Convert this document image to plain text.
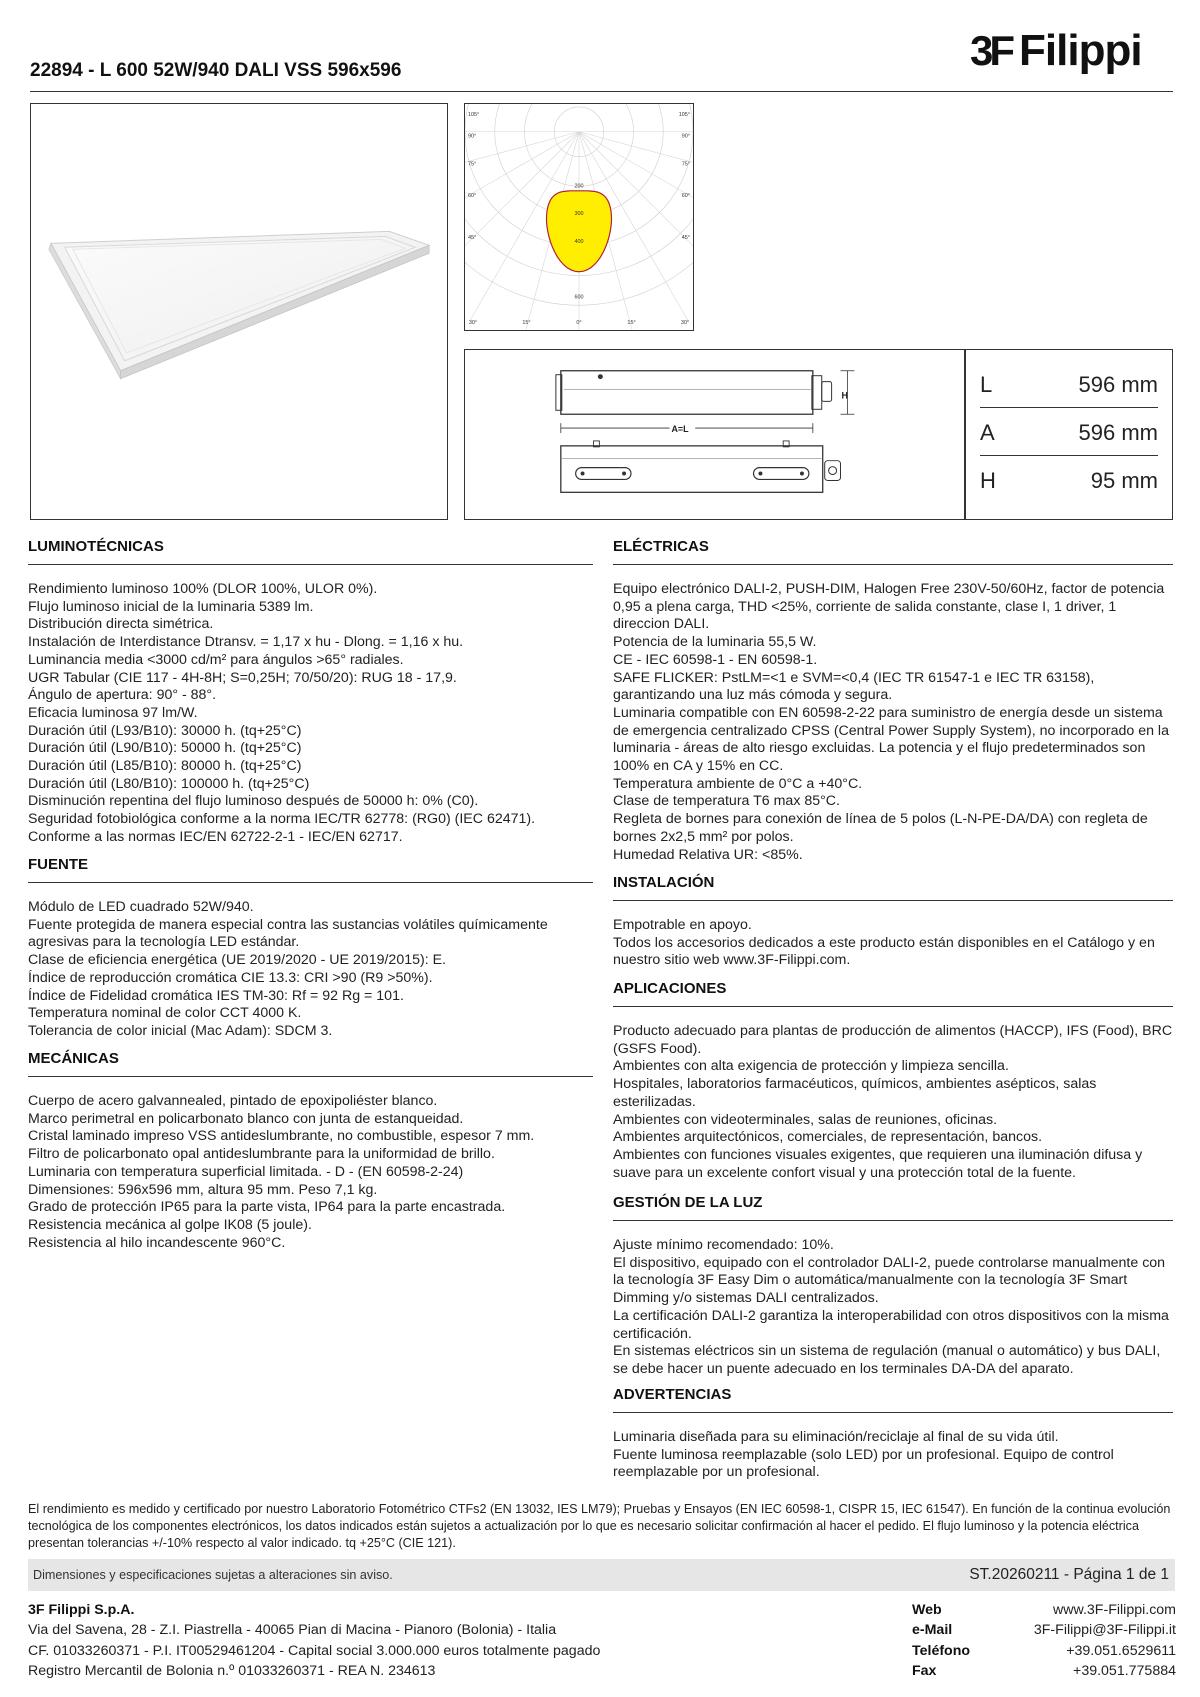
22894 - L 600 52W/940 DALI VSS 596x596	3F Filippi
105°
90°
75°
60°
45°
105°
90°
75°
60°
45°
30°	15°	0°	15°	30°
200
300
400
600
H
A=L
L	596 mm
A	596 mm
H	95 mm
LUMINOTÉCNICAS
Rendimiento luminoso 100% (DLOR 100%, ULOR 0%).
Flujo luminoso inicial de la luminaria 5389 lm.
Distribución directa simétrica.
Instalación de Interdistance Dtransv. = 1,17 x hu - Dlong. = 1,16 x hu.
Luminancia media <3000 cd/m² para ángulos >65° radiales.
UGR Tabular (CIE 117 - 4H-8H; S=0,25H; 70/50/20): RUG 18 - 17,9.
Ángulo de apertura: 90° - 88°.
Eficacia luminosa 97 lm/W.
Duración útil (L93/B10): 30000 h. (tq+25°C)
Duración útil (L90/B10): 50000 h. (tq+25°C)
Duración útil (L85/B10): 80000 h. (tq+25°C)
Duración útil (L80/B10): 100000 h. (tq+25°C)
Disminución repentina del flujo luminoso después de 50000 h: 0% (C0).
Seguridad fotobiológica conforme a la norma IEC/TR 62778: (RG0) (IEC 62471).
Conforme a las normas IEC/EN 62722-2-1 - IEC/EN 62717.
FUENTE
Módulo de LED cuadrado 52W/940.
Fuente protegida de manera especial contra las sustancias volátiles químicamente agresivas para la tecnología LED estándar.
Clase de eficiencia energética (UE 2019/2020 - UE 2019/2015): E.
Índice de reproducción cromática CIE 13.3: CRI >90 (R9 >50%).
Índice de Fidelidad cromática IES TM-30: Rf = 92 Rg = 101.
Temperatura nominal de color CCT 4000 K.
Tolerancia de color inicial (Mac Adam): SDCM 3.
MECÁNICAS
Cuerpo de acero galvannealed, pintado de epoxipoliéster blanco.
Marco perimetral en policarbonato blanco con junta de estanqueidad.
Cristal laminado impreso VSS antideslumbrante, no combustible, espesor 7 mm.
Filtro de policarbonato opal antideslumbrante para la uniformidad de brillo.
Luminaria con temperatura superficial limitada. - D - (EN 60598-2-24)
Dimensiones: 596x596 mm, altura 95 mm. Peso 7,1 kg.
Grado de protección IP65 para la parte vista, IP64 para la parte encastrada.
Resistencia mecánica al golpe IK08 (5 joule).
Resistencia al hilo incandescente 960°C.
ELÉCTRICAS
Equipo electrónico DALI-2, PUSH-DIM, Halogen Free 230V-50/60Hz, factor de potencia 0,95 a plena carga, THD <25%, corriente de salida constante, clase I, 1 driver, 1 direccion DALI.
Potencia de la luminaria 55,5 W.
CE - IEC 60598-1 - EN 60598-1.
SAFE FLICKER: PstLM=<1 e SVM=<0,4 (IEC TR 61547-1 e IEC TR 63158), garantizando una luz más cómoda y segura.
Luminaria compatible con EN 60598-2-22 para suministro de energía desde un sistema de emergencia centralizado CPSS (Central Power Supply System), no incorporado en la luminaria - áreas de alto riesgo excluidas. La potencia y el flujo predeterminados son 100% en CA y 15% en CC.
Temperatura ambiente de 0°C a +40°C.
Clase de temperatura T6 max 85°C.
Regleta de bornes para conexión de línea de 5 polos (L-N-PE-DA/DA) con regleta de bornes 2x2,5 mm² por polos.
Humedad Relativa UR: <85%.
INSTALACIÓN
Empotrable en apoyo.
Todos los accesorios dedicados a este producto están disponibles en el Catálogo y en nuestro sitio web www.3F-Filippi.com.
APLICACIONES
Producto adecuado para plantas de producción de alimentos (HACCP), IFS (Food), BRC (GSFS Food).
Ambientes con alta exigencia de protección y limpieza sencilla.
Hospitales, laboratorios farmacéuticos, químicos, ambientes asépticos, salas esterilizadas.
Ambientes con videoterminales, salas de reuniones, oficinas.
Ambientes arquitectónicos, comerciales, de representación, bancos.
Ambientes con funciones visuales exigentes, que requieren una iluminación difusa y suave para un excelente confort visual y una protección total de la fuente.
GESTIÓN DE LA LUZ
Ajuste mínimo recomendado: 10%.
El dispositivo, equipado con el controlador DALI-2, puede controlarse manualmente con la tecnología 3F Easy Dim o automática/manualmente con la tecnología 3F Smart Dimming y/o sistemas DALI centralizados.
La certificación DALI-2 garantiza la interoperabilidad con otros dispositivos con la misma certificación.
En sistemas eléctricos sin un sistema de regulación (manual o automático) y bus DALI, se debe hacer un puente adecuado en los terminales DA-DA del aparato.
ADVERTENCIAS
Luminaria diseñada para su eliminación/reciclaje al final de su vida útil.
Fuente luminosa reemplazable (solo LED) por un profesional. Equipo de control reemplazable por un profesional.
El rendimiento es medido y certificado por nuestro Laboratorio Fotométrico CTFs2 (EN 13032, IES LM79); Pruebas y Ensayos (EN IEC 60598-1, CISPR 15, IEC 61547). En función de la continua evolución tecnológica de los componentes electrónicos, los datos indicados están sujetos a actualización por lo que es necesario solicitar confirmación al hacer el pedido. El flujo luminoso y la potencia eléctrica presentan tolerancias +/-10% respecto al valor indicado. tq +25°C (CIE 121).
Dimensiones y especificaciones sujetas a alteraciones sin aviso.	ST.20260211 - Página 1 de 1
3F Filippi S.p.A.
Via del Savena, 28 - Z.I. Piastrella - 40065 Pian di Macina - Pianoro (Bolonia) - Italia
CF. 01033260371 - P.I. IT00529461204 - Capital social 3.000.000 euros totalmente pagado
Registro Mercantil de Bolonia n.º 01033260371 - REA N. 234613
Web	www.3F-Filippi.com
e-Mail	3F-Filippi@3F-Filippi.it
Teléfono	+39.051.6529611
Fax	+39.051.775884
